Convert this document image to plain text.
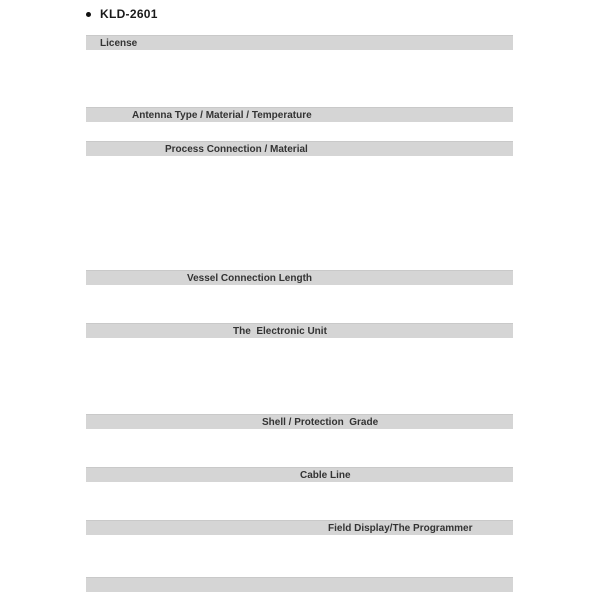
KLD-2601
License

Antenna Type / Material / Temperature

Process Connection / Material

Vessel Connection Length

The  Electronic Unit

Shell / Protection  Grade

Cable Line

Field Display/The Programmer
